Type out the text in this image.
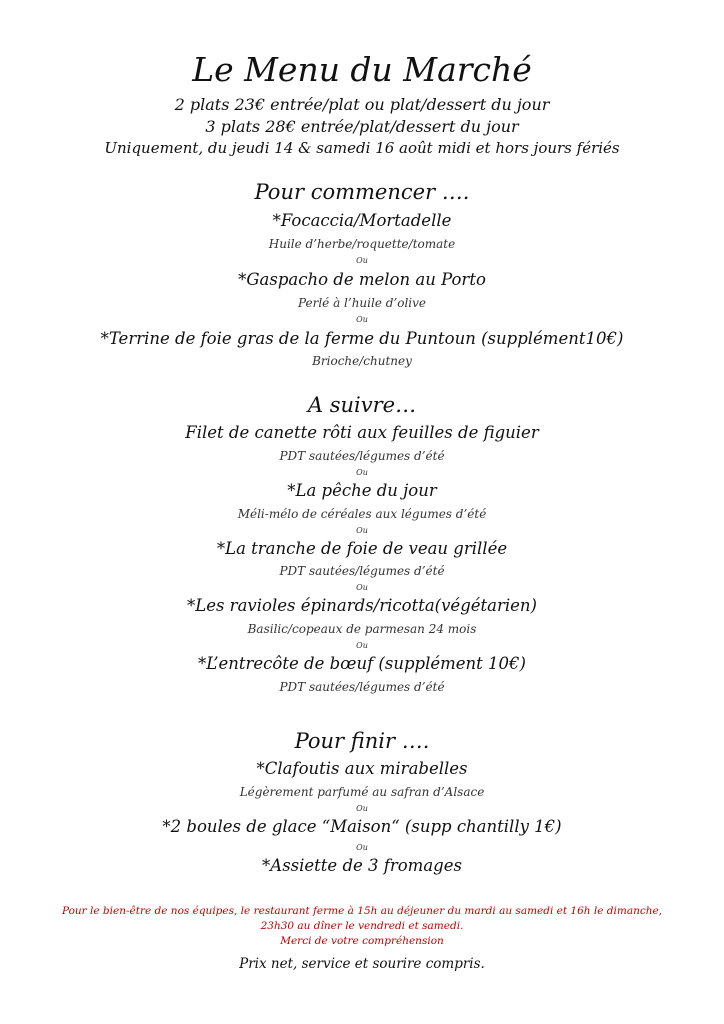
Le Menu du Marché
2 plats 23€ entrée/plat ou plat/dessert du jour
3 plats 28€ entrée/plat/dessert du jour
Uniquement, du jeudi 14 & samedi 16 août midi et hors jours fériés
Pour commencer ….
*Focaccia/Mortadelle
Huile d’herbe/roquette/tomate
Ou
*Gaspacho de melon au Porto
Perlé à l’huile d’olive
Ou
*Terrine de foie gras de la ferme du Puntoun (supplément10€)
Brioche/chutney
A suivre…
Filet de canette rôti aux feuilles de figuier
PDT sautées/légumes d’été
Ou
*La pêche du jour
Méli-mélo de céréales aux légumes d’été
Ou
*La tranche de foie de veau grillée
PDT sautées/légumes d’été
Ou
*Les ravioles épinards/ricotta(végétarien)
Basilic/copeaux de parmesan 24 mois
Ou
*L’entrecôte de bœuf (supplément 10€)
PDT sautées/légumes d’été
Pour finir ….
*Clafoutis aux mirabelles
Légèrement parfumé au safran d’Alsace
Ou
*2 boules de glace “Maison“ (supp chantilly 1€)
Ou
*Assiette de 3 fromages
Pour le bien-être de nos équipes, le restaurant ferme à 15h au déjeuner du mardi au samedi et 16h le dimanche,
23h30 au dîner le vendredi et samedi.
Merci de votre compréhension
Prix net, service et sourire compris.
